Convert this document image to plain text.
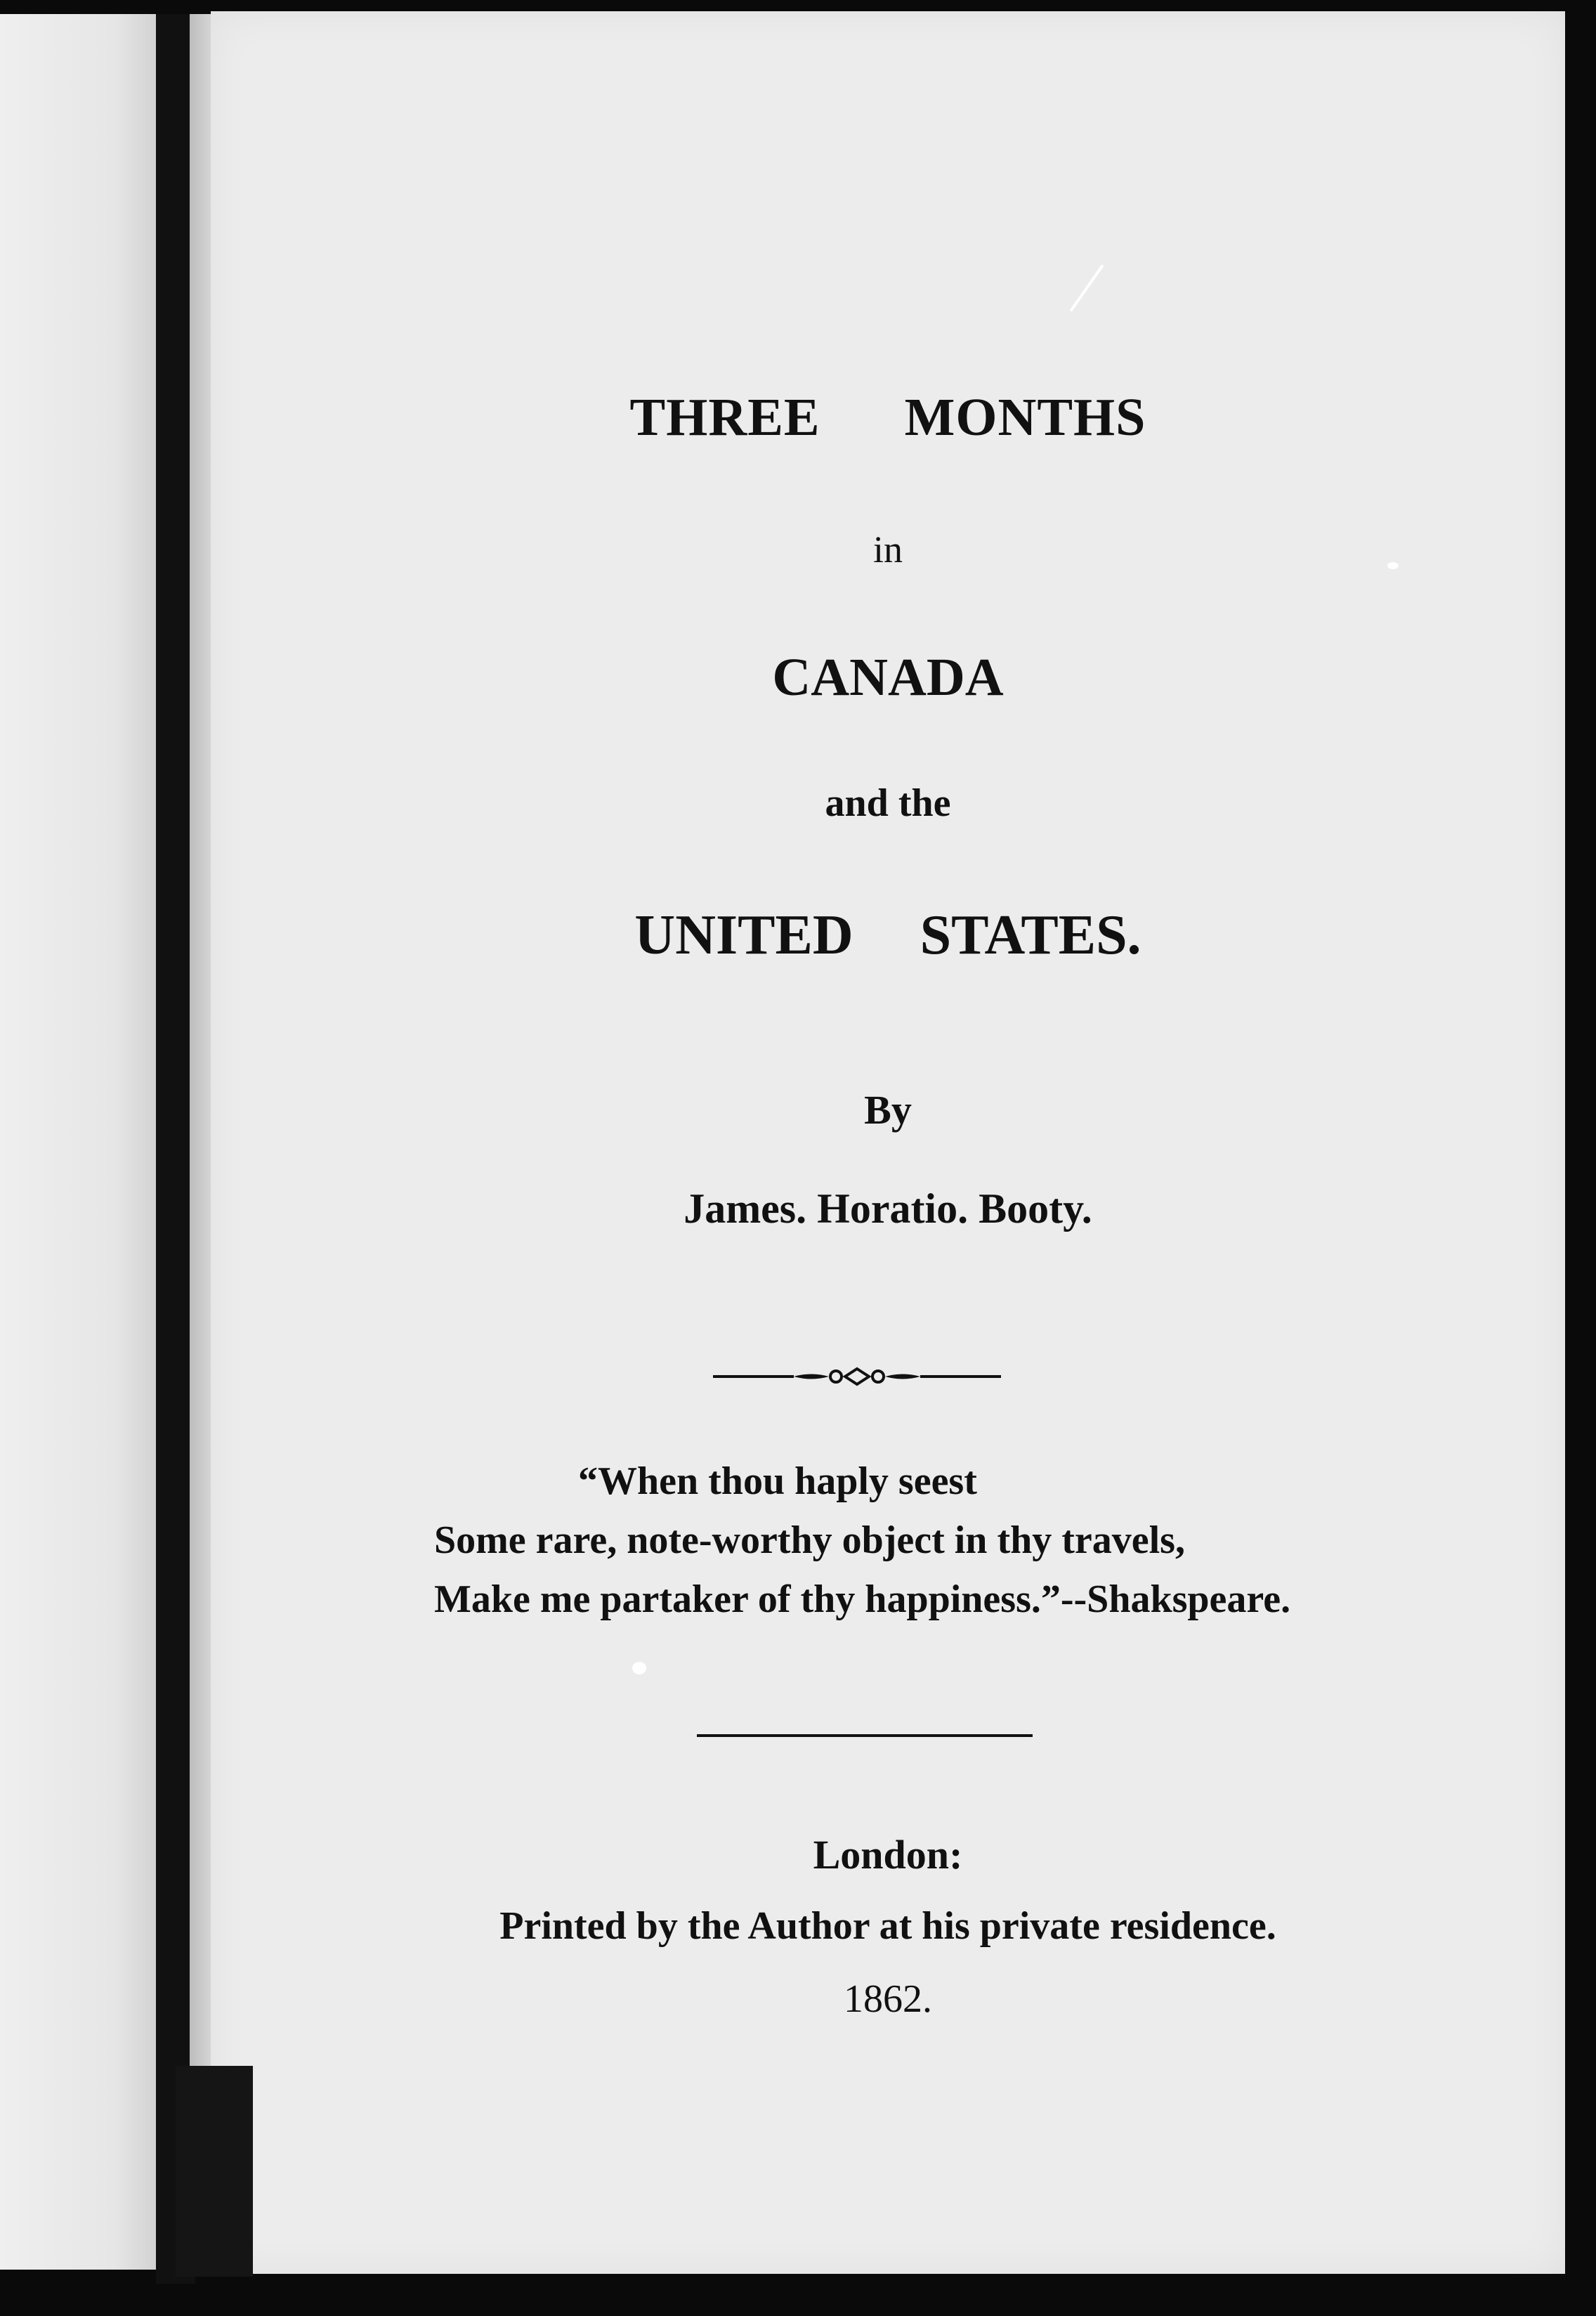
THREE MONTHS
in
CANADA
and the
UNITED STATES.
By
James. Horatio. Booty.
“When thou haply seest
Some rare, note-worthy object in thy travels,
Make me partaker of thy happiness.”--Shakspeare.
London:
Printed by the Author at his private residence.
1862.
